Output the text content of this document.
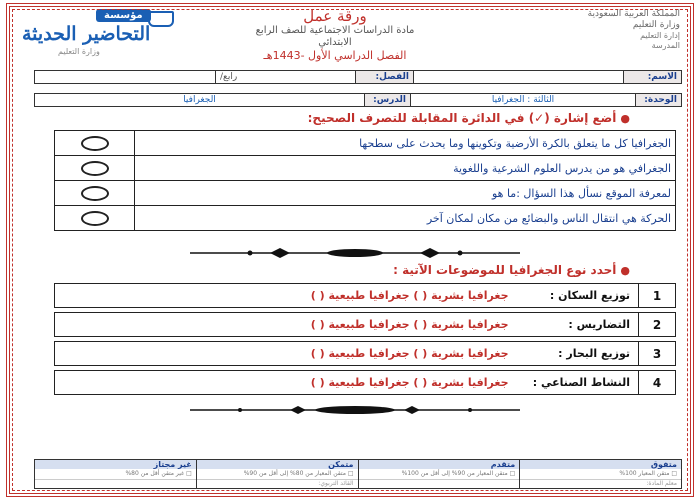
مؤسسة
التحاضير الحديثة
وزارة التعليم
ورقة عمل
مادة الدراسات الاجتماعية للصف الرابع
الابتدائي
الفصل الدراسي الأول -1443هـ
المملكة العربية السعودية
وزارة التعليم
إدارة التعليم
المدرسة
الاسم:
الفصل:
رابع/
الوحدة:
الثالثة : الجغرافيا
الدرس:
الجغرافيا
●أضع إشارة (✓) في الدائرة المقابلة للتصرف الصحيح:
الجغرافيا كل ما يتعلق بالكرة الأرضية وتكوينها وما يحدث على سطحها	
الجغرافي هو من يدرس العلوم الشرعية واللغوية	
لمعرفة الموقع نسأل هذا السؤال :ما هو	
الحركة هي انتقال الناس والبضائع من مكان لمكان آخر	
●أحدد نوع الجغرافيا للموضوعات الآتية :
1	توزيع السكان : جغرافيا بشرية ( ) جغرافيا طبيعية ( )
2	التضاريس : جغرافيا بشرية ( ) جغرافيا طبيعية ( )
3	توزيع البحار : جغرافيا بشرية ( ) جغرافيا طبيعية ( )
4	النشاط الصناعي : جغرافيا بشرية ( ) جغرافيا طبيعية ( )
متفوق
□ متقن المعيار 100%
معلم المادة:
متقدم
□ متقن المعيار من 90% إلى أقل من 100%
متمكن
□ متقن المعيار من 80% إلى أقل من 90%
القائد التربوي:
غير مجتاز
□ غير متقن أقل من 80%
